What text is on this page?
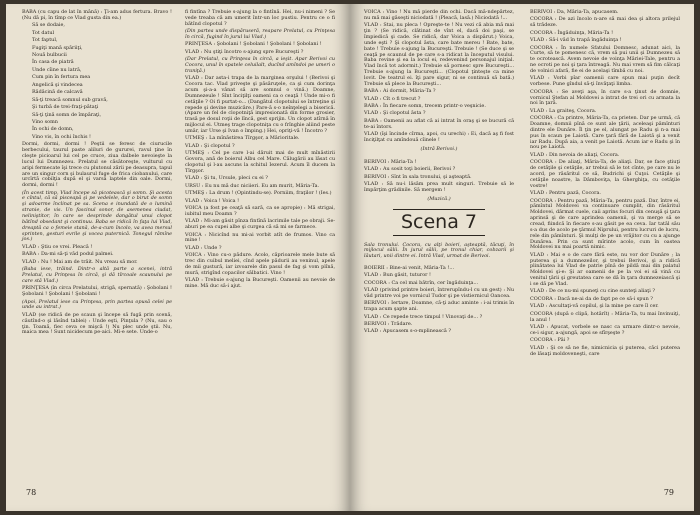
BABA (cu capu de lat în mână) : Ţi-am adus fertura. Bravo ! (Nu dă pi, în tîmp ce Vlad gusta din ea.)

Să se dodaie,

Tot datul

Tot faptul,

Fugiţi mană spăriiţi,

Nouă bulbucii

În casa de piatră

Unde cîine nu latră,

Cum pin în fertura mea

Angelică şi vindecea

Rădăcină de calcavă

Să-ţi treacă somnul sub gravă,

Şi turbă de trei-fraţi-pătaţi

Să-ţi ţină somn de împăraţi,

Vino somn

În ochi de domn,

Vino vis, în ochi închis !

Dormi, dormi, dormi ! Peştii se feresc de ciurucile berbecului, taurul paste aliluri de gururei, ravul ţine în cleşte picioarul lui cel pe cruce, ziua dalbele nevoieşte la lucul lui Dumnezeu. Prelatul se căsătoreşte, vulturul cu aripi fermecate îşi trece cu plutonul zării pe deasupra, tapul are un singur corn şi bulaurul fuge de frica ciobanului, care urcîrtă cobilţia după el şi varsă laptele din oale. Dormi, dormi, dormi !

(În acest timp, Vlad începe să picotească şi somn. Şi acesta e cîntul, că să pisceapă şi pe vedelele, dar o birut de somn şi adoarme înclinat pe sa. Scena e inundată de o lumină stranie, de vis. Un fascinul sonor, de asemenea ciudat, neliniştitor, în care se desprinde dangătul unui clopot bătînd obsedant şi continuu. Baba se ridică în faţa lui Vlad, dreaptă ca o femeie stană, de-a-cum încolo, va avea mersul sprinten, gesturi evrile şi vocea puternică. Tonegul rămîne jos.)

VLAD : Ştiu ce vrei. Pleacă !

BABA : Da-mi să-ţi văd podul palmei.

VLAD : Nu ! Mai am de trăit. Nu vreau să mor.

(Baba iese, trăind. Dintr-o altă parte a scenei, intră Prelatul, cu Prinţesa în circă, şi dă tîrcoale scaunului pe care stă Vlad.)

PRINŢESA (în circa Prelatului, strigă, spernată) : Şobolani ! Şobolani ! Şobolani ! Şobolani !

(Apoi, Prelatul iese cu Prinţesa, prin partea opusă celei pe unde au intrat.)

VLAD (se ridică de pe scaun şi începe să fugă prin scenă, căutînd-o şi lăsînd tablei) : Unde eşti, Pinţula ? (Nu, sau o ţin. Toamă, fiec ceva ce mişcă !) Nu plec unde ştii. Nu, maica mea ! Sunt nicidecum pe-aici. Mi-e sete. Unde-o

fi fintîna ? Trebuie s-ajung la o fintînă. Hei, nu-i nimeni ? Se vede treaba că am umerit într-un loc pustiu. Pentru ce o fi bătînd clopotul ?

(Din partea unde dispăruseră, reapare Prelatul, cu Prinţesa în circă, fugind în jurul lui Vlad.)

PRINŢESA : Şobolani ! Şobolani ! Şobolani ! Şobolani !

VLAD : Nu ştiţi încotro s-ajung spre Bucureşti ?

(Dar Prelatul, cu Prinţesa în circă, a ieşit. Apar Berivoi cu Cocora, unul în spatele celuilalt, ducînd amîndoi pe umeri o traniţă.)

VLAD : Dar asta-i trapa de la marginea orşului ! (Berivoi şi Cocora tac. Vlad priveşte şi păsăruţele, ca şi cum dorinţa acum şi-a-a vânat să are somnul o vină.) Doamne, Dumnezeule ! Sînt înciţilţi oameni ca o ceaţă ! Unde mi-o fi cetăţile ? Oi fi purtat-o... (Dangătul clopotului se întreţine şi repede şi devine muzicăre.) Pare-ă s-o neînţelegi a biserică. (Apare un fel de clopotniţă impresionată din forme grosier, trasă pe dosul roţii de lîncă, gest sprijin. Un clopot atîrnă în mijlocul ei. Utmeş trage clopotniţa cu o frînghie aliind peste umăr, iar Urse şi Ivan o împing.) Hei, opriţi-vă ! Încotro ?

UTMEŞ : La mînăstirea Tîrgşor, a Mărioritale.

VLAD : Şi clopotul ?

UTMEŞ : Cel pe care l-ai dăruit mai de mult mînăstirii Govora, ană de boierul Albu cel Mare. Călugării au lăsat cu clopotul şi l-au ascuns la schitul Iezerul. Acum îl ducem la Tîrgşor.

VLAD : Şi tu, Ursule, pleci cu ei ?

URSU : Eu nu mă duc niciieri. Eu am murit, Măria-Ta.

UTMEŞ : La drum ! (Opintindu-se). Porniim, fraţilor ! (Ies.)

VLAD : Voica ! Voica !

VOICA (a fost pe ceaţă să sară, ca se apropie) : Mă strigai, iubitul meu Doamn ?

VLAD : Mi-am găsit pînza fintînă lacrimile tale pe obraji. Se-aburi pe ea cupei albe şi curgea că să mi se farmece.

VOICA : Nicicînd nu mi-ai vorbit atît de frumos. Vino ca mine !

VLAD : Unde ?

VOICA : Vino cu-o pădure. Acolo, căprioarele mele bute să trec din cuibul meliei, cînd apele pădurii au veninul, apele de mii gustură, iar izvoarele din pasul de fag şi vom plînă, mură, strigînd copacilor sălbatici. Vino !

VLAD : Trebuie s-ajung la Bucureşti. Oamenii au nevoie de mine. Mă duc să-i ajut.

78

VOICA : Vino ! Nu mă pierde din ochi. Dacă mă-ndepărtez, nu mă mai găseşti niciodată ! (Pleacă, lasă.) Niciodată !...

VLAD : Stai, nu pleca ! Opreşte-te ! Nu vezi că abia mă mai ţin ? (Se ridică, clătinat de vînt el, dacă doi paşi, se împiedică şi cade. Se ridică, dar Voica a dispărut.) Voica, unde eşti ? Şi clopotul ăsta, care bate mereu ! Bate, bate, bate ! Trebuie s-ajung la Bucureşti. Trebuie ! (Se duce şi se ceaţă pe scaunul de pe care s-a ridicat la începutul visului. Baba revine şi ea la locul ei, redevenind personajul iniţial. Vlad încă tot adormit.) Trebuie să pornesc spre Bucureşti... Trebuie s-ajung la Bucureşti... (Clopotul ţinteşte ca mine lovit. De teatrul ei. îţi pare sigur, ni se continuă să bată.) Trebuie să plece la Bucureşti...

BABA : Ai dormit, Măria-Ta ?

VLAD : Cît o fi trecut ?

BABA : În fiecare somn, trecem printr-o veşnicie.

VLAD : Şi clopotul ăsta ?

BABA : Oamenii au aflat că ai intrat în oraş şi se bucură că te-ai întors.

VLAD (îşi încinde cîrma, apoi, cu urechi) : Ei, dacă aş fi fost înciţilţat cu amîndouă cîinele !

(Intră Berivoi.)

BERIVOI : Măria-Ta !

VLAD : Au sosit toţi boierii, Berivoi ?

BERIVOI : Sînt în sala tronului, şi aşteaptă.

VLAD : Să nu-i lăsăm prea mult singuri. Trebuie să le împărţim grădinile. Să mergem !

(Muzică.)

Scena 7

Sala tronului. Cocora, cu alţi boieri, aşteaptă, tăcuţi, în mijlocul sălii. În jurul sălii, pe tronul chiar, cobzarii şi lăutari, unii dintre ei. Intră Vlad, urmat de Berivoi.

BOIERII : Bine-ai venit, Măria-Ta !...

VLAD : Bun găsit, tuturor !

COCORA : Ca cel mai bătrîn, cer îngăduinţa...

VLAD (privind printre boieri, întrerupîndu-l cu un gest) : Nu văd printre voi pe vornicul Tudor şi pe vistiernicul Oancea.

BERIVOI : Iertare, Doamne, că-ţi aduc aminte : i-ai trimis în trapa acum şapte ani.

VLAD : Ce repede trece timpul ! Vinovaţi de... ?

BERIVOI : Trădare.

VLAD : Apucasem s-o-mplinească ?

BERIVOI : Da, Măria-Ta, apucasem.

COCORA : De azi încolo n-are să mai dea şi altora prilejul să trădeze.

COCORA : Îngăduinţa, Măria-Ta !

VLAD : Să-i văd în trapă îngăduinţa !

COCORA : În numele Sfatului Domnesc, adunat aici, la Curte, să te pomenesc că, vrem să pui unii şi Dumnezeu să te ocrotească. Avem nevoie de voinţa Măriei-Tale, pentru a ne ocroti pe noi şi ţara întreagă. Nu mai vrem să fim călcaţi de volnici afară, fie ei de acelaşi tîmbă cu noi.

VLAD : Vorbi pîar oamenii care spun mai puţin decît vorbese. Pune gîndul să-ţi învăţaţi limba.

COCORA : Se aveţi aşa, în care s-a ţinut de domnie, vornicul Ştefan al Moldovei a intrat de trei ori cu armata la noi în ţară.

VLAD : La graiteş, Cocora.

COCORA : Ca printre, Măria-Ta, ca prieten. Dar pe urmă, că Doamne, domnii pînă ce sunt ale ţării, aceleaşi pămînturi dintre ele Dunăre. Îl ţin pe el, alungat pe Radu şi n-a mai pus în scaun pe Laiotă. Care ţară fără de Laiotă şi a venit iar Radu. După aia, a venit pe Laiotă. Acum iar e Radu şi în nou pe Laiotă.

VLAD : Din nevoia de aliaţi, Cocora.

COCORA : De aliaţi, Măria-Ta, de aliaţi. Dar, se face ştiuţi de cetăţile şi cetăţile, ar trebui să le tot cînte, pe care nu le acord, pe răsăritul ce să, Budrichi şi Cuţoi. Cetăţile şi cetăţile noastre, la Dâmboviţa, la Gherghiţa, cu cetăţile vostre!

VLAD : Pentru pază, Cocora.

COCORA : Pentru pază, Măria-Ta, pentru pază. Dar, între ei, pămîntul Moldovei va continuare cumplit, din răsăritul Moldovei, dărmat cuele, caii aprins focuri din cenuşă şi ţara aprinsă şi de care aprindea oamenii, şi va merge să se cread, fiindcă în fiecare s-au găsit pe ea ceva. Iar tatăl său s-a dus de acolo pe ţărmul Niprului, pentru lucruri de lucru, rele din pămînturi. Şi mulţi de pe un vrăjitor cu cu a ajunge Dunărea. Prin ca sunt mîrinte acolo, cum în oastea Moldovei nu mai poartă nimic.

VLAD : Mai e o de care fără este, nu vor dor Dunăre ; la puterea şi a dumnezeilor, şi trebui Berivoi, şi a ridică plinătatea lui Vlad de patrie pînă de pildă mai din palatul Moldovei şi-e: Şi ar oamenii de pe la voi ei să vină cu venitul ţării şi greutatea care se dă în ţara dumnezeiască şi i se dă pe Vlad.

VLAD : De ce nu-mi spuneţi cu cine sunteţi aliaţi ?

COCORA : Dacă ne-ai da de fapt pe ce să-i spun ?

VLAD : Ascultaţi-vă copilul, şi la mine pe care îl cer.

COCORA (după o clipă, hotărît) : Măria-Ta, tu mai învinuiţi, la anul !

VLAD : Apucat, vorbele se nasc ca urmare dintr-o nevoie, ce-i sigur, a-ajungă, apoi se sfîrşeşte ?

COCORA : Păi ?

VLAD : Şi ce să ne fie, nimicnicia şi puterea, căci puterea de lăsaţi moldoveneşti, care

79
